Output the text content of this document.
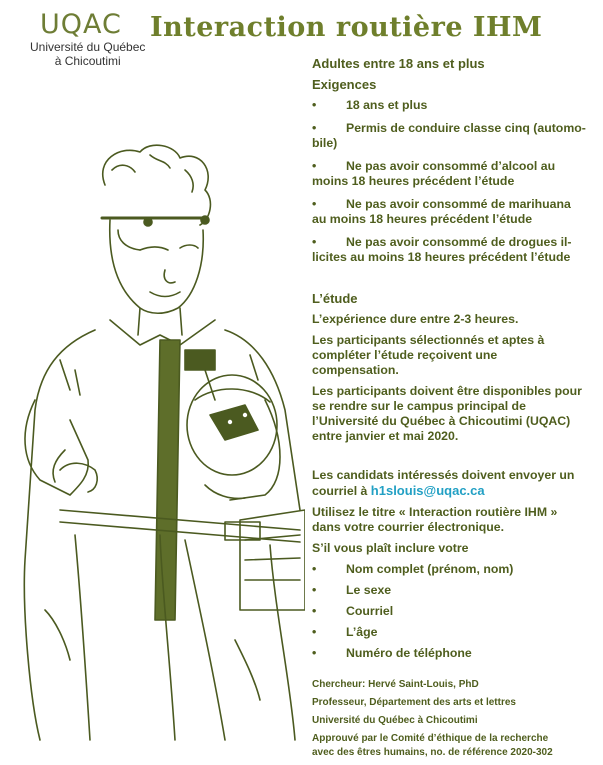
UQAC
Université du Québec
à Chicoutimi
Interaction routière IHM

Adultes entre 18 ans et plus

Exigences

• 18 ans et plus
• Permis de conduire classe cinq (automo-bile)
• Ne pas avoir consommé d’alcool au moins 18 heures précédent l’étude
• Ne pas avoir consommé de marihuana au moins 18 heures précédent l’étude
• Ne pas avoir consommé de drogues il-licites au moins 18 heures précédent l’étude

L’étude

L’expérience dure entre 2-3 heures.

Les participants sélectionnés et aptes à compléter l’étude reçoivent une compensation.

Les participants doivent être disponibles pour se rendre sur le campus principal de l’Université du Québec à Chicoutimi (UQAC) entre janvier et mai 2020.

Les candidats intéressés doivent envoyer un courriel à h1slouis@uqac.ca

Utilisez le titre « Interaction routière IHM » dans votre courrier électronique.

S’il vous plaît inclure votre

• Nom complet (prénom, nom)
• Le sexe
• Courriel
• L’âge
• Numéro de téléphone

Chercheur: Hervé Saint-Louis, PhD

Professeur, Département des arts et lettres

Université du Québec à Chicoutimi

Approuvé par le Comité d’éthique de la recherche

avec des êtres humains, no. de référence 2020-302
